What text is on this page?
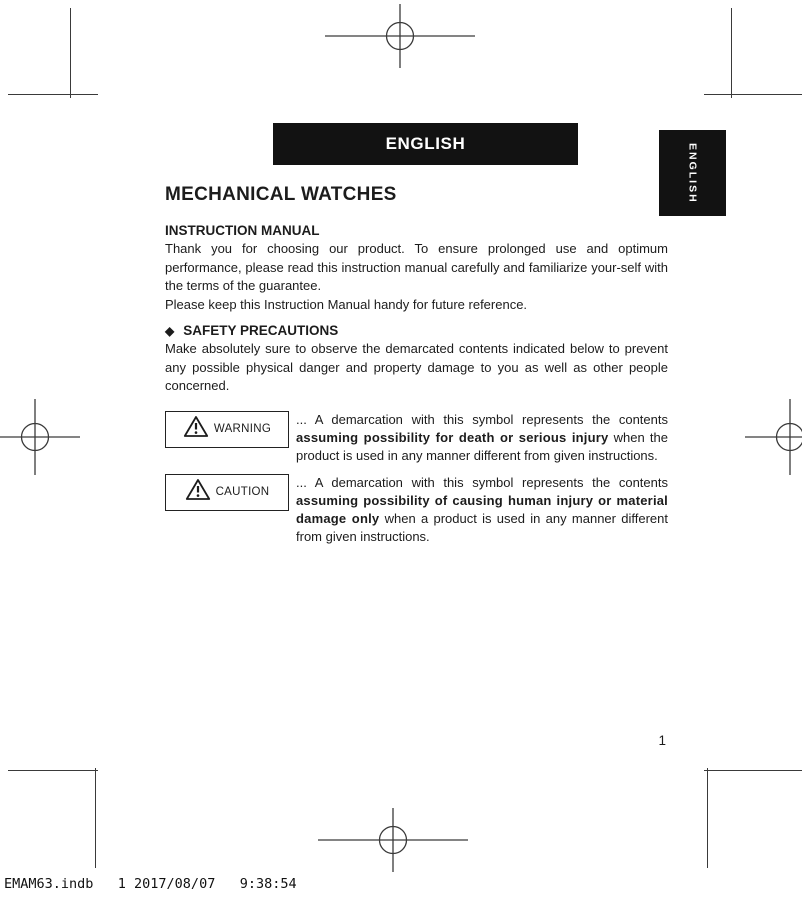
ENGLISH	ENGLISH
MECHANICAL WATCHES
INSTRUCTION MANUAL

Thank you for choosing our product. To ensure prolonged use and optimum performance, please read this instruction manual carefully and familiarize your-self with the terms of the guarantee.

Please keep this Instruction Manual handy for future reference.

◆ SAFETY PRECAUTIONS

Make absolutely sure to observe the demarcated contents indicated below to prevent any possible physical danger and property damage to you as well as other people concerned.

WARNING

... A demarcation with this symbol represents the contents assuming possibility for death or serious injury when the product is used in any manner different from given instructions.

CAUTION

... A demarcation with this symbol represents the contents assuming possibility of causing human injury or material damage only when a product is used in any manner different from given instructions.

1
EMAM63.indb   1 2017/08/07   9:38:54
